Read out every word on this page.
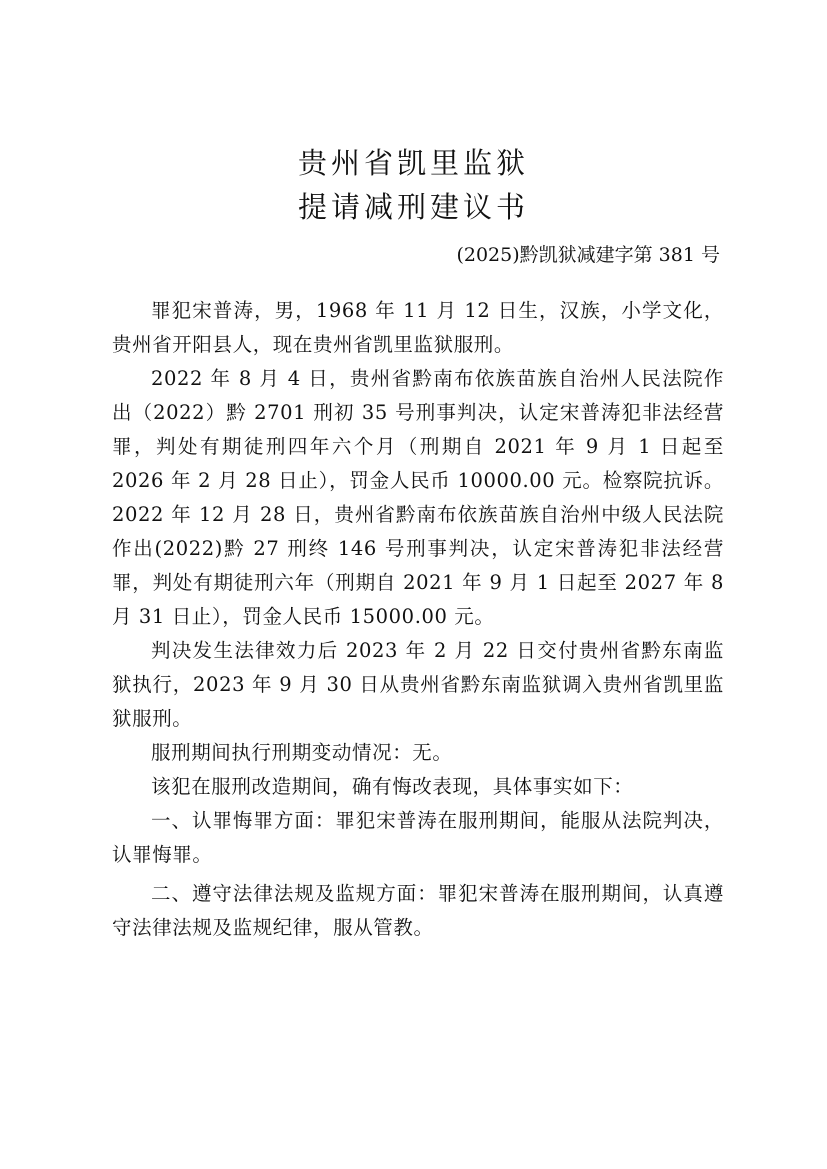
贵州省凯里监狱
提请减刑建议书
(2025)黔凯狱减建字第 381 号

罪犯宋普涛，男，1968 年 11 月 12 日生，汉族，小学文化，贵州省开阳县人，现在贵州省凯里监狱服刑。

2022 年 8 月 4 日，贵州省黔南布依族苗族自治州人民法院作出（2022）黔 2701 刑初 35 号刑事判决，认定宋普涛犯非法经营罪，判处有期徒刑四年六个月（刑期自 2021 年 9 月 1 日起至 2026 年 2 月 28 日止），罚金人民币 10000.00 元。检察院抗诉。2022 年 12 月 28 日，贵州省黔南布依族苗族自治州中级人民法院作出(2022)黔 27 刑终 146 号刑事判决，认定宋普涛犯非法经营罪，判处有期徒刑六年（刑期自 2021 年 9 月 1 日起至 2027 年 8 月 31 日止），罚金人民币 15000.00 元。

判决发生法律效力后 2023 年 2 月 22 日交付贵州省黔东南监狱执行，2023 年 9 月 30 日从贵州省黔东南监狱调入贵州省凯里监狱服刑。

服刑期间执行刑期变动情况：无。

该犯在服刑改造期间，确有悔改表现，具体事实如下：

一、认罪悔罪方面：罪犯宋普涛在服刑期间，能服从法院判决，认罪悔罪。

二、遵守法律法规及监规方面：罪犯宋普涛在服刑期间，认真遵守法律法规及监规纪律，服从管教。
